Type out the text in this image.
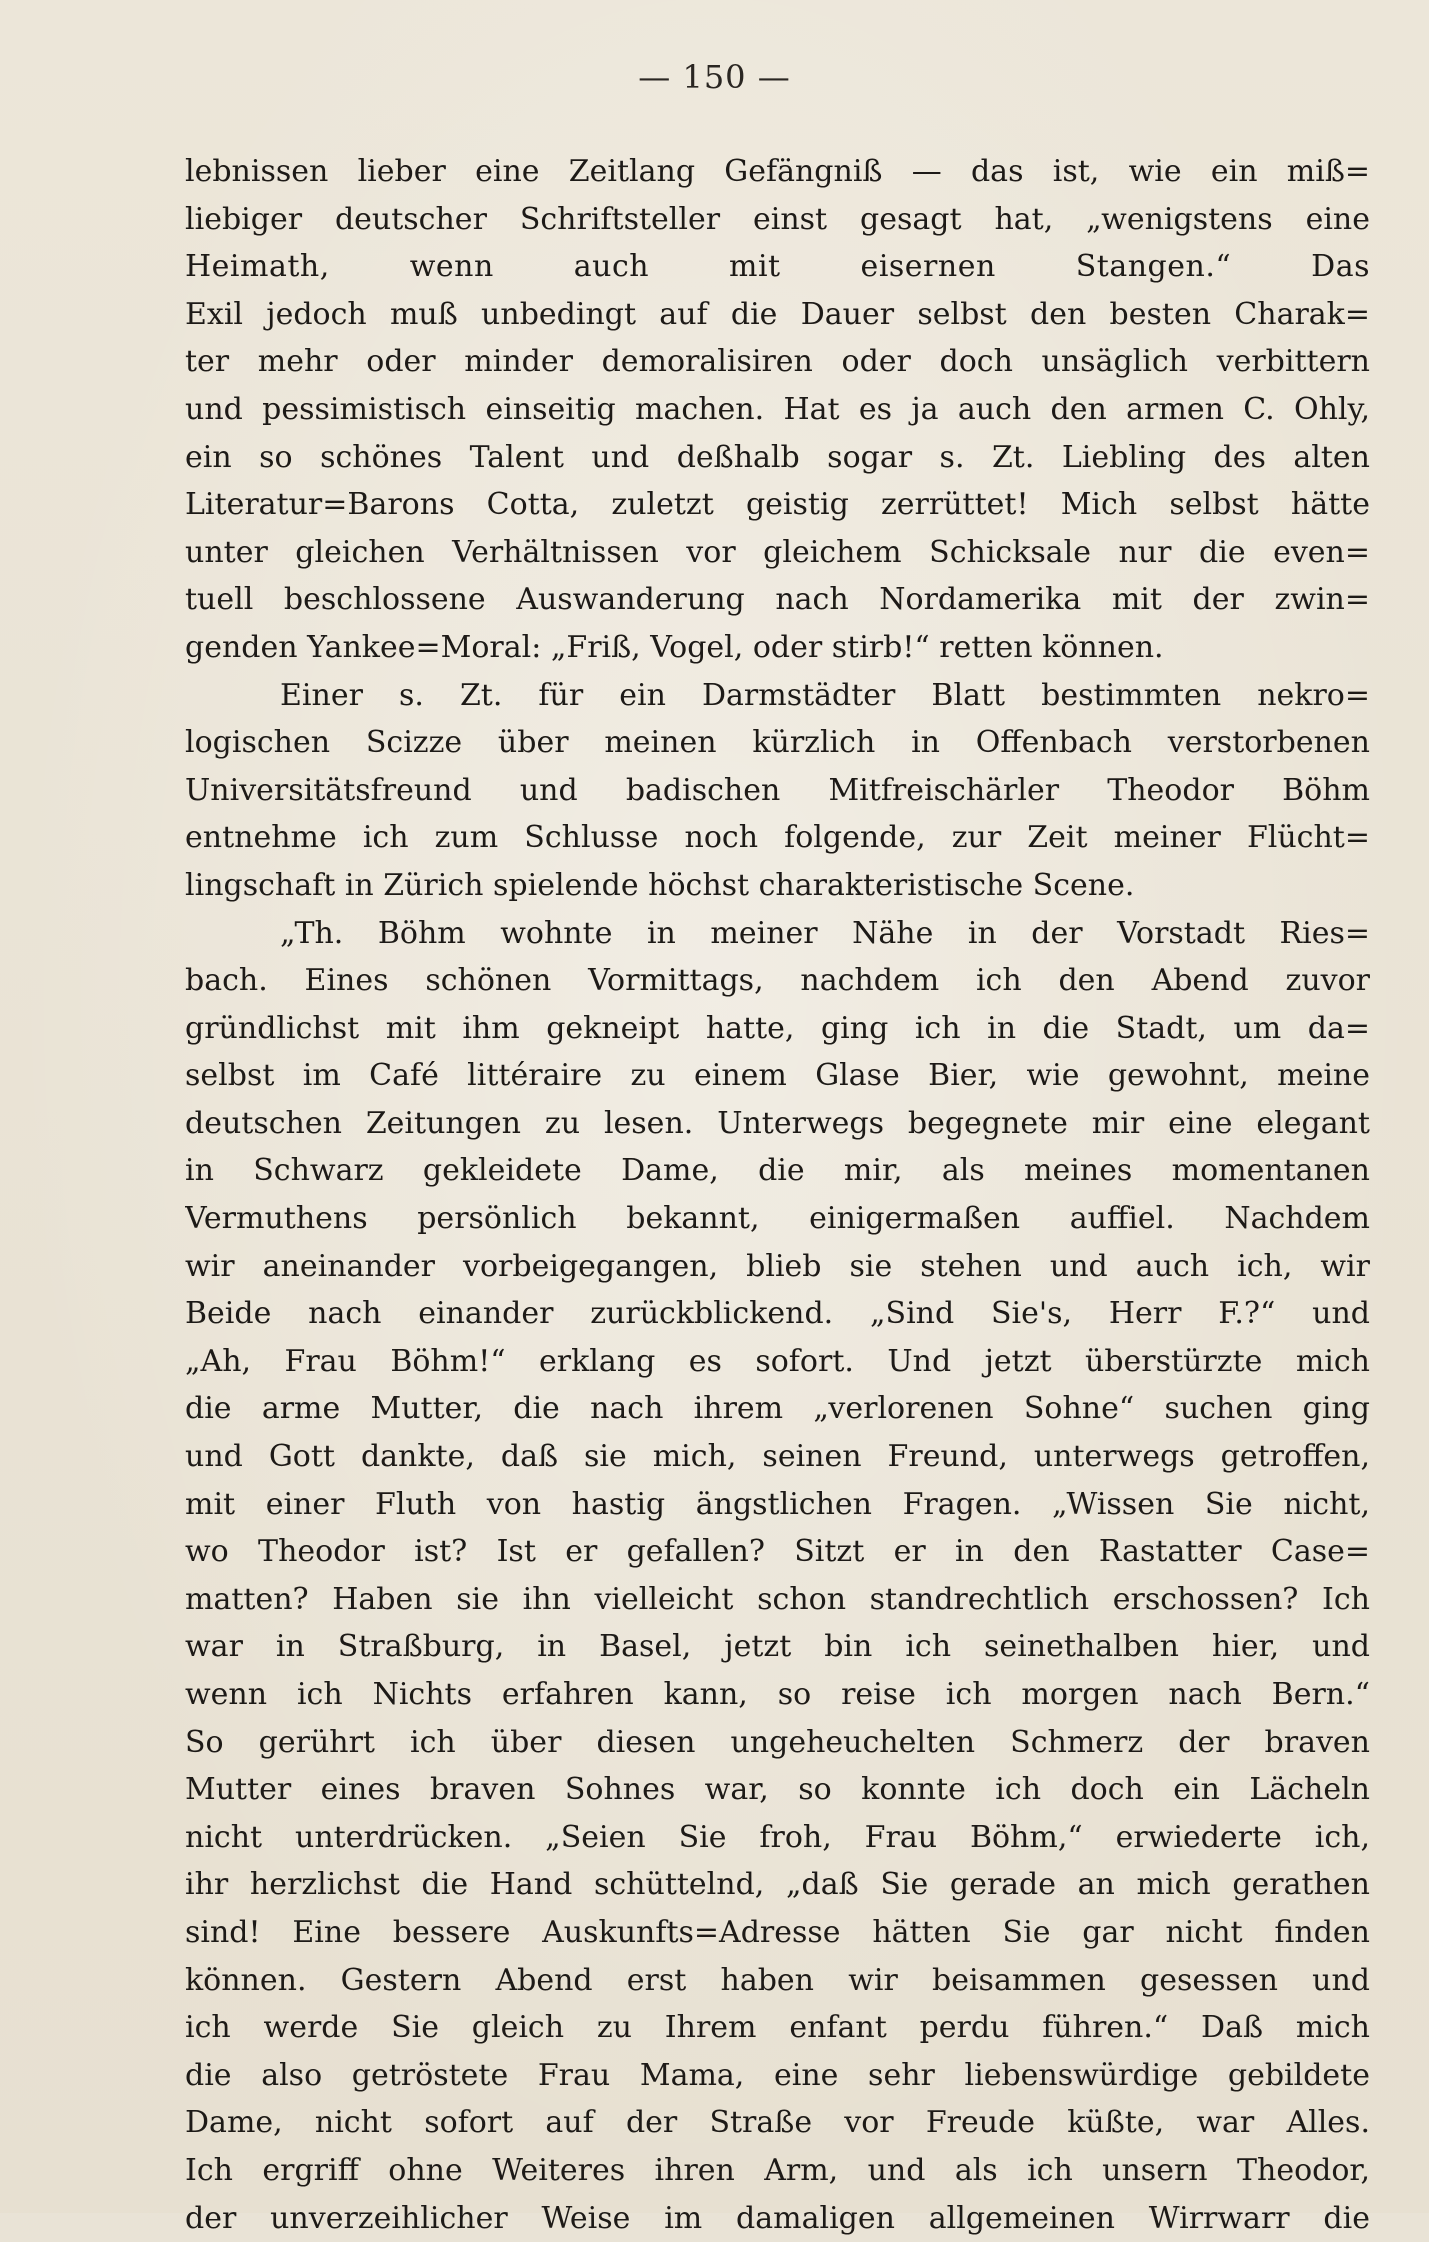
— 150 —
lebnissen lieber eine Zeitlang Gefängniß — das ist, wie ein miß=
liebiger deutscher Schriftsteller einst gesagt hat, „wenigstens eine
Heimath, wenn auch mit eisernen Stangen.“ Das
Exil jedoch muß unbedingt auf die Dauer selbst den besten Charak=
ter mehr oder minder demoralisiren oder doch unsäglich verbittern
und pessimistisch einseitig machen. Hat es ja auch den armen C. Ohly,
ein so schönes Talent und deßhalb sogar s. Zt. Liebling des alten
Literatur=Barons Cotta, zuletzt geistig zerrüttet! Mich selbst hätte
unter gleichen Verhältnissen vor gleichem Schicksale nur die even=
tuell beschlossene Auswanderung nach Nordamerika mit der zwin=
genden Yankee=Moral: „Friß, Vogel, oder stirb!“ retten können.
Einer s. Zt. für ein Darmstädter Blatt bestimmten nekro=
logischen Scizze über meinen kürzlich in Offenbach verstorbenen
Universitätsfreund und badischen Mitfreischärler Theodor Böhm
entnehme ich zum Schlusse noch folgende, zur Zeit meiner Flücht=
lingschaft in Zürich spielende höchst charakteristische Scene.
„Th. Böhm wohnte in meiner Nähe in der Vorstadt Ries=
bach. Eines schönen Vormittags, nachdem ich den Abend zuvor
gründlichst mit ihm gekneipt hatte, ging ich in die Stadt, um da=
selbst im Café littéraire zu einem Glase Bier, wie gewohnt, meine
deutschen Zeitungen zu lesen. Unterwegs begegnete mir eine elegant
in Schwarz gekleidete Dame, die mir, als meines momentanen
Vermuthens persönlich bekannt, einigermaßen auffiel. Nachdem
wir aneinander vorbeigegangen, blieb sie stehen und auch ich, wir
Beide nach einander zurückblickend. „Sind Sie's, Herr F.?“ und
„Ah, Frau Böhm!“ erklang es sofort. Und jetzt überstürzte mich
die arme Mutter, die nach ihrem „verlorenen Sohne“ suchen ging
und Gott dankte, daß sie mich, seinen Freund, unterwegs getroffen,
mit einer Fluth von hastig ängstlichen Fragen. „Wissen Sie nicht,
wo Theodor ist? Ist er gefallen? Sitzt er in den Rastatter Case=
matten? Haben sie ihn vielleicht schon standrechtlich erschossen? Ich
war in Straßburg, in Basel, jetzt bin ich seinethalben hier, und
wenn ich Nichts erfahren kann, so reise ich morgen nach Bern.“
So gerührt ich über diesen ungeheuchelten Schmerz der braven
Mutter eines braven Sohnes war, so konnte ich doch ein Lächeln
nicht unterdrücken. „Seien Sie froh, Frau Böhm,“ erwiederte ich,
ihr herzlichst die Hand schüttelnd, „daß Sie gerade an mich gerathen
sind! Eine bessere Auskunfts=Adresse hätten Sie gar nicht finden
können. Gestern Abend erst haben wir beisammen gesessen und
ich werde Sie gleich zu Ihrem enfant perdu führen.“ Daß mich
die also getröstete Frau Mama, eine sehr liebenswürdige gebildete
Dame, nicht sofort auf der Straße vor Freude küßte, war Alles.
Ich ergriff ohne Weiteres ihren Arm, und als ich unsern Theodor,
der unverzeihlicher Weise im damaligen allgemeinen Wirrwarr die
